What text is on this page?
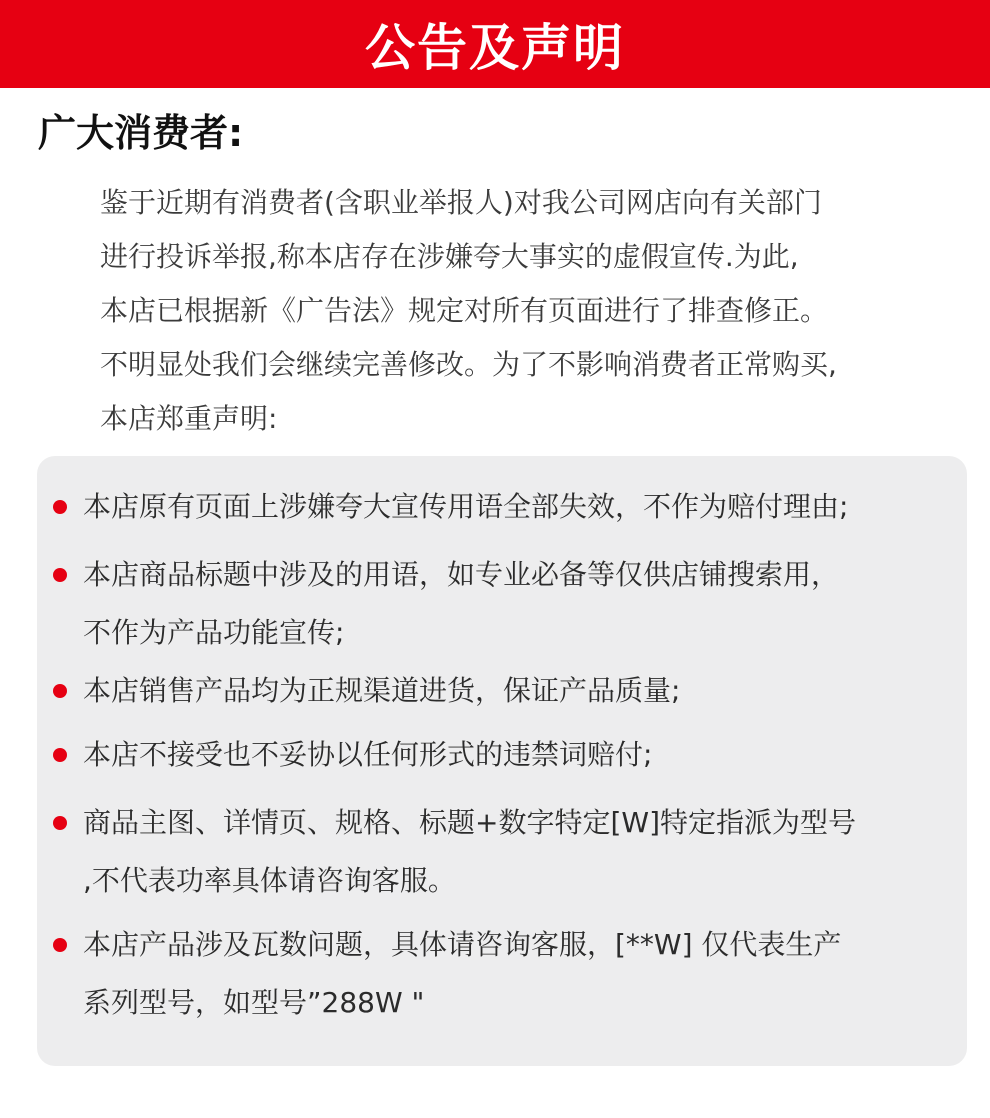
公告及声明
广大消费者:
鉴于近期有消费者(含职业举报人)对我公司网店向有关部门
进行投诉举报,称本店存在涉嫌夸大事实的虚假宣传.为此,
本店已根据新《广告法》规定对所有页面进行了排查修正。
不明显处我们会继续完善修改。为了不影响消费者正常购买,
本店郑重声明:
本店原有页面上涉嫌夸大宣传用语全部失效，不作为赔付理由;
本店商品标题中涉及的用语，如专业必备等仅供店铺搜索用，
不作为产品功能宣传;
本店销售产品均为正规渠道进货，保证产品质量;
本店不接受也不妥协以任何形式的违禁词赔付;
商品主图、详情页、规格、标题+数字特定[W]特定指派为型号
,不代表功率具体请咨询客服。
本店产品涉及瓦数问题，具体请咨询客服，[**W] 仅代表生产
系列型号，如型号”288W "
